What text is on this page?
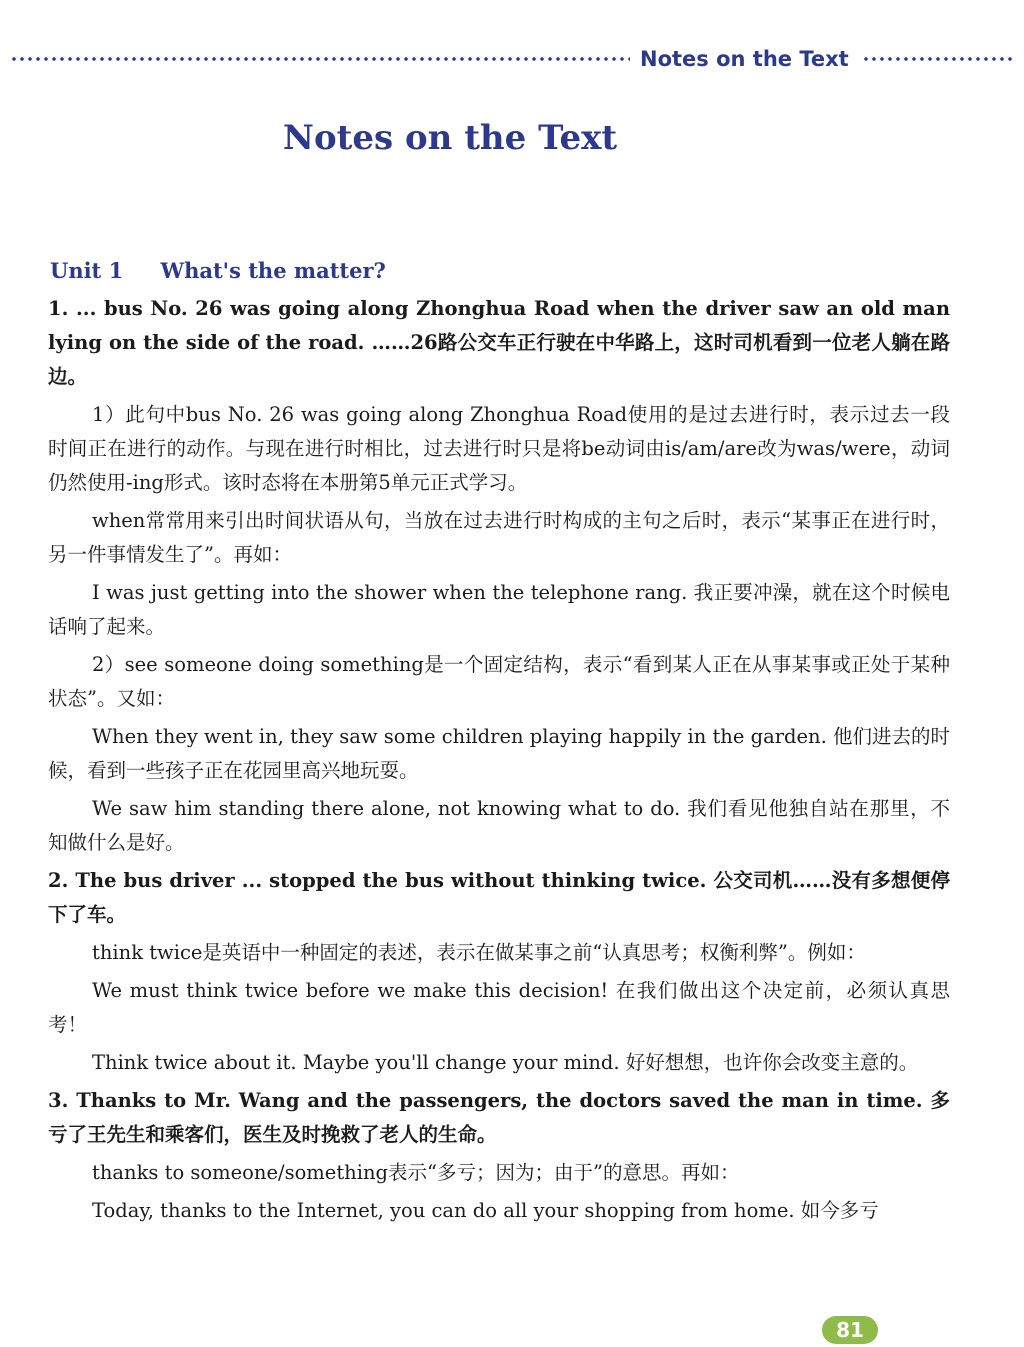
Notes on the Text
Notes on the Text
Unit 1 What's the matter?

1. ... bus No. 26 was going along Zhonghua Road when the driver saw an old man lying on the side of the road. ……26路公交车正行驶在中华路上，这时司机看到一位老人躺在路边。

1）此句中bus No. 26 was going along Zhonghua Road使用的是过去进行时，表示过去一段时间正在进行的动作。与现在进行时相比，过去进行时只是将be动词由is/am/are改为was/were，动词仍然使用-ing形式。该时态将在本册第5单元正式学习。

when常常用来引出时间状语从句，当放在过去进行时构成的主句之后时，表示“某事正在进行时，另一件事情发生了”。再如：

I was just getting into the shower when the telephone rang. 我正要冲澡，就在这个时候电话响了起来。

2）see someone doing something是一个固定结构，表示“看到某人正在从事某事或正处于某种状态”。又如：

When they went in, they saw some children playing happily in the garden. 他们进去的时候，看到一些孩子正在花园里高兴地玩耍。

We saw him standing there alone, not knowing what to do. 我们看见他独自站在那里，不知做什么是好。

2. The bus driver ... stopped the bus without thinking twice. 公交司机……没有多想便停下了车。

think twice是英语中一种固定的表述，表示在做某事之前“认真思考；权衡利弊”。例如：

We must think twice before we make this decision! 在我们做出这个决定前，必须认真思考！

Think twice about it. Maybe you'll change your mind. 好好想想，也许你会改变主意的。

3. Thanks to Mr. Wang and the passengers, the doctors saved the man in time. 多亏了王先生和乘客们，医生及时挽救了老人的生命。

thanks to someone/something表示“多亏；因为；由于”的意思。再如：

Today, thanks to the Internet, you can do all your shopping from home. 如今多亏

81
